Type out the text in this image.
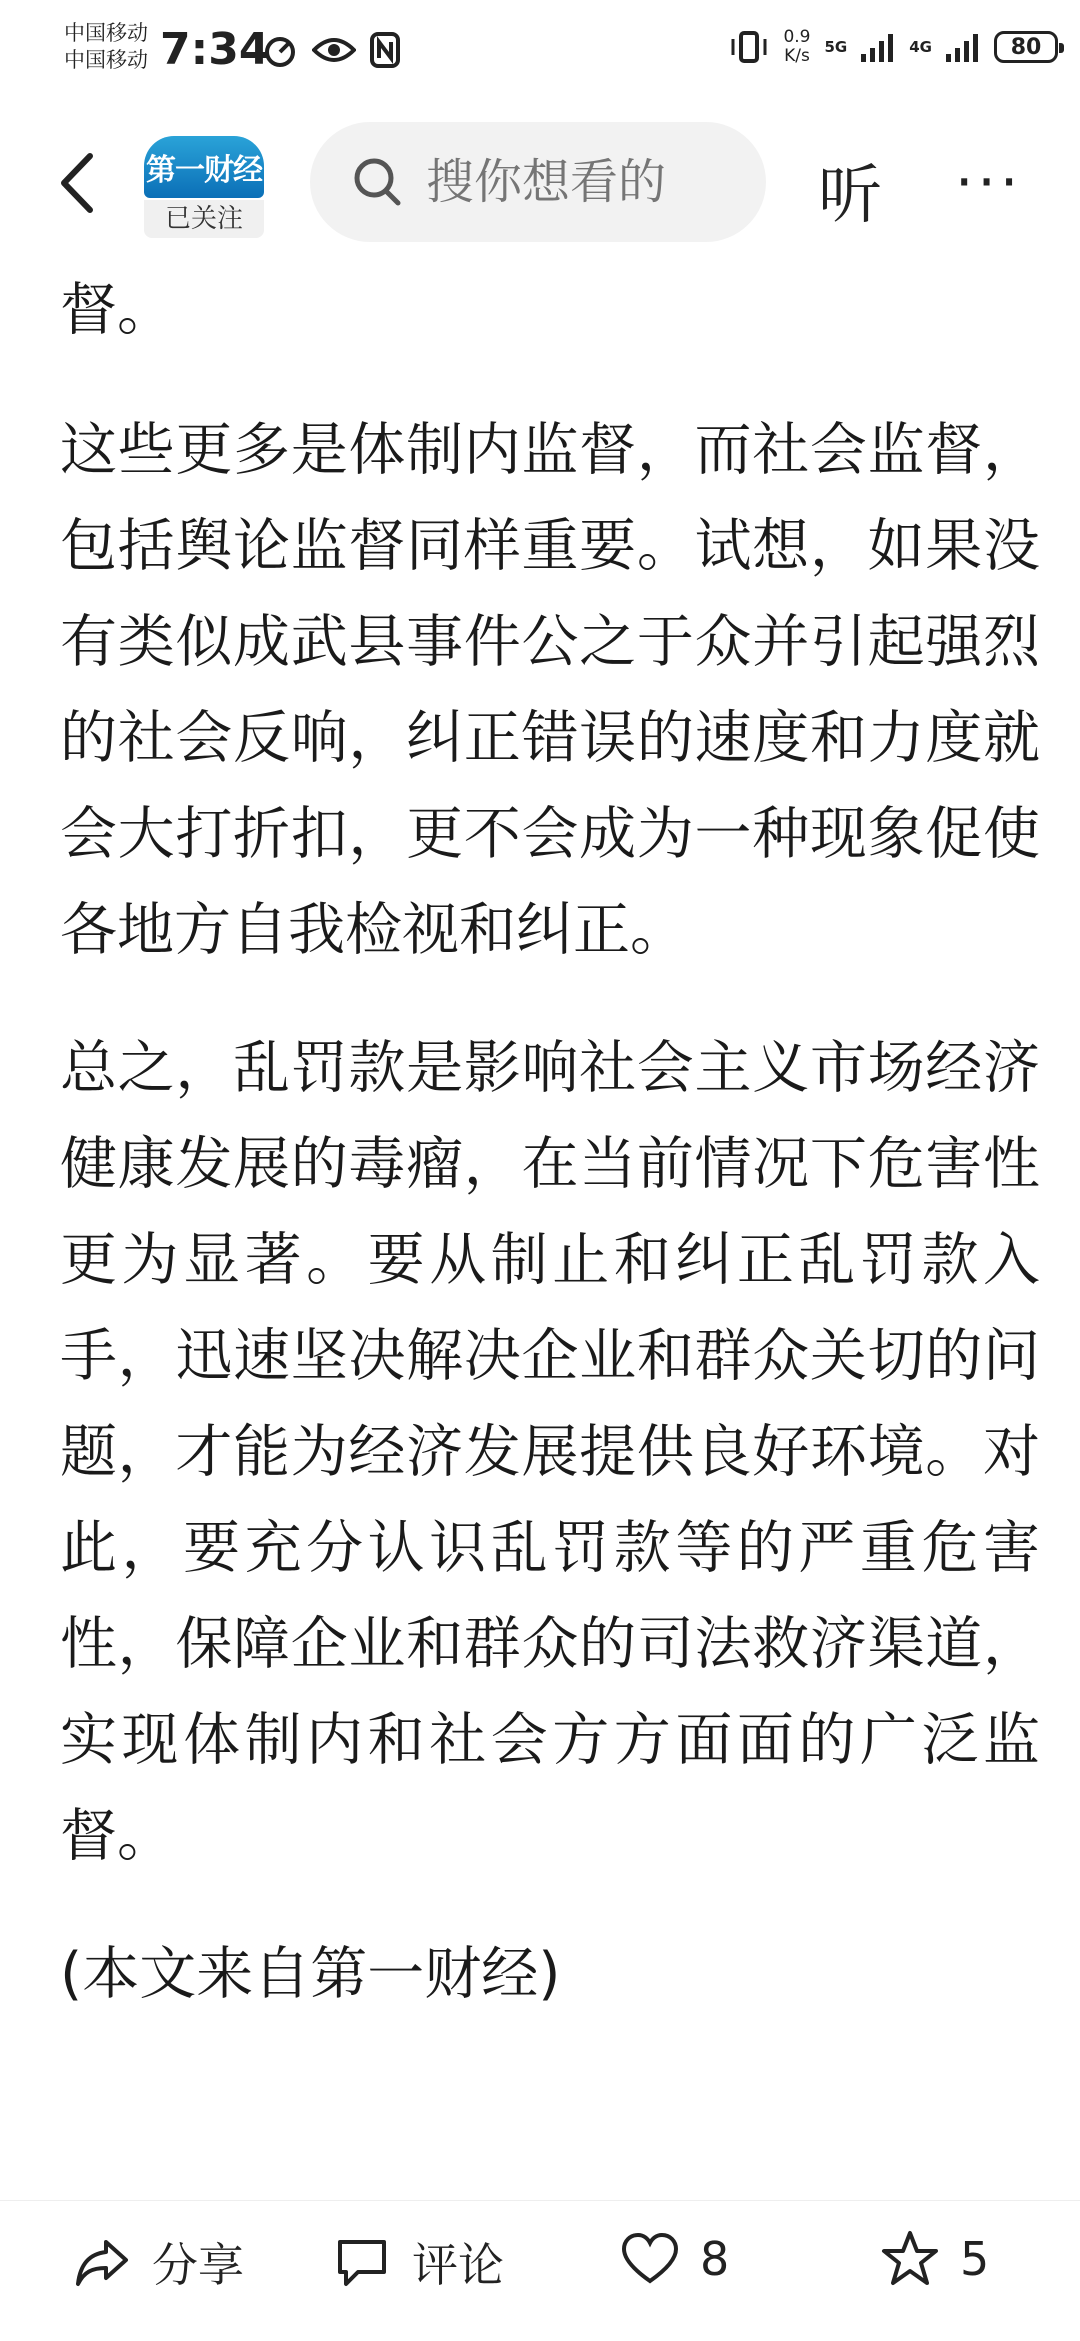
中国移动
中国移动 7:34	0.9
K/s 5G	4G	80
第一财经
已关注
搜你想看的	听 ···

督。

这些更多是体制内监督，而社会监督，包括舆论监督同样重要。试想，如果没有类似成武县事件公之于众并引起强烈的社会反响，纠正错误的速度和力度就会大打折扣，更不会成为一种现象促使各地方自我检视和纠正。

总之，乱罚款是影响社会主义市场经济健康发展的毒瘤，在当前情况下危害性更为显著。要从制止和纠正乱罚款入手，迅速坚决解决企业和群众关切的问题，才能为经济发展提供良好环境。对此，要充分认识乱罚款等的严重危害性，保障企业和群众的司法救济渠道，实现体制内和社会方方面面的广泛监督。

(本文来自第一财经)
分享	评论	8	5
